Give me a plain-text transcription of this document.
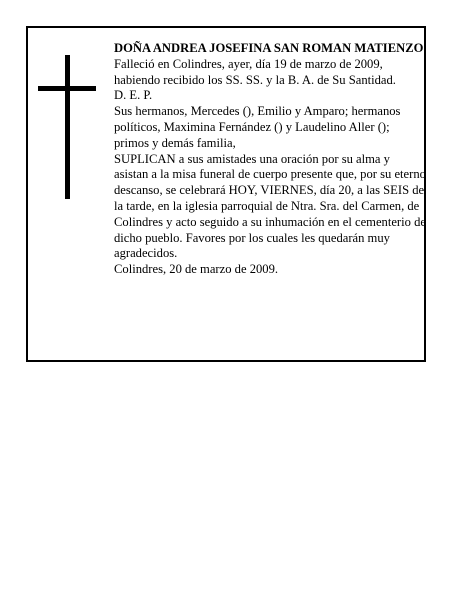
DOÑA ANDREA JOSEFINA SAN ROMAN MATIENZO

Falleció en Colindres, ayer, día 19 de marzo de 2009, habiendo recibido los SS. SS. y la B. A. de Su Santidad.

D. E. P.

Sus hermanos, Mercedes (), Emilio y Amparo; hermanos políticos, Maximina Fernández () y Laudelino Aller (); primos y demás familia,

SUPLICAN a sus amistades una oración por su alma y asistan a la misa funeral de cuerpo presente que, por su eterno descanso, se celebrará HOY, VIERNES, día 20, a las SEIS de la tarde, en la iglesia parroquial de Ntra. Sra. del Carmen, de Colindres y acto seguido a su inhumación en el cementerio de dicho pueblo. Favores por los cuales les quedarán muy agradecidos.

Colindres, 20 de marzo de 2009.
